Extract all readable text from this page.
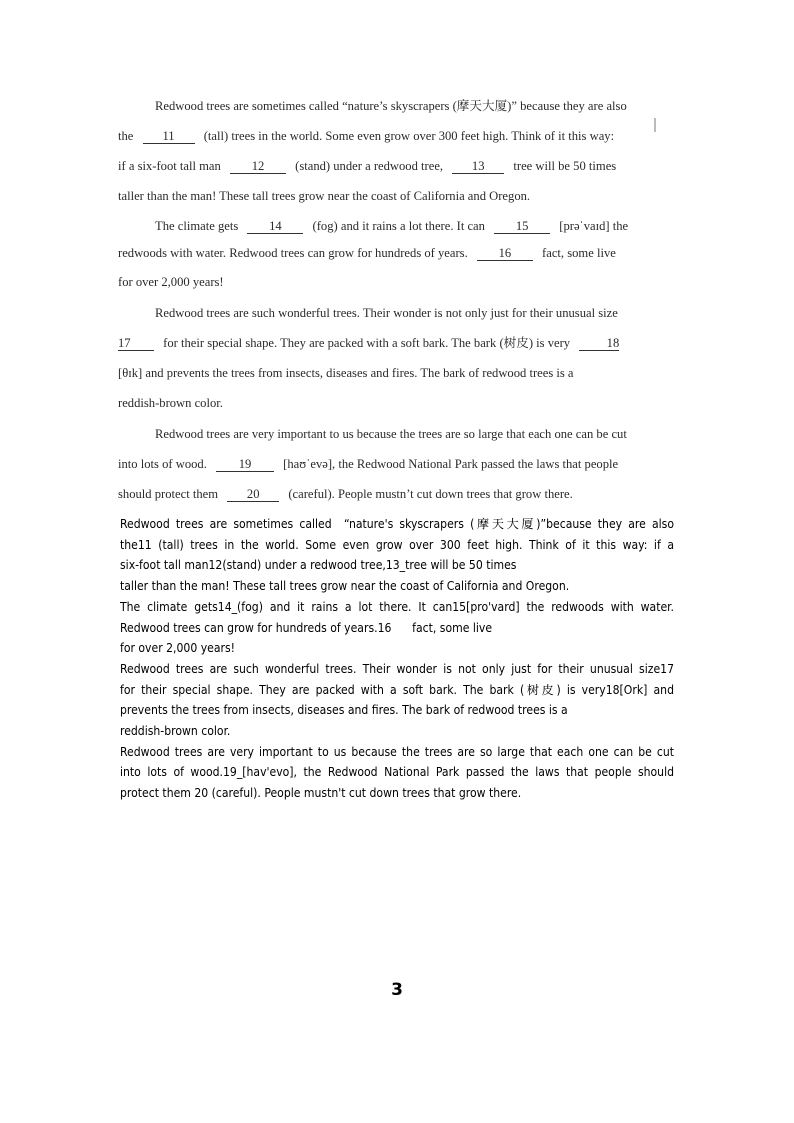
Redwood trees are sometimes called “nature’s skyscrapers (摩天大厦)” because they are also
the 11 (tall) trees in the world. Some even grow over 300 feet high. Think of it this way:
if a six-foot tall man 12 (stand) under a redwood tree, 13 tree will be 50 times
taller than the man! These tall trees grow near the coast of California and Oregon.
The climate gets 14 (fog) and it rains a lot there. It can 15 [prəˈvaɪd] the
redwoods with water. Redwood trees can grow for hundreds of years. 16 fact, some live
for over 2,000 years!
Redwood trees are such wonderful trees. Their wonder is not only just for their unusual size
17	for their special shape. They are packed with a soft bark. The bark (树皮) is very	18
[θɪk] and prevents the trees from insects, diseases and fires. The bark of redwood trees is a
reddish-brown color.
Redwood trees are very important to us because the trees are so large that each one can be cut
into lots of wood.	19	[haʊˈevə], the Redwood National Park passed the laws that people
should protect them 20 (careful). People mustn’t cut down trees that grow there.

Redwood trees are sometimes called  “nature's skyscrapers (摩天大厦)”because they are also

the11 (tall) trees in the world. Some even grow over 300 feet high. Think of it this way: if a

six-foot tall man12(stand) under a redwood tree,13_tree will be 50 times

taller than the man! These tall trees grow near the coast of California and Oregon.

The climate gets14_(fog) and it rains a lot there. It can15[pro'vard] the redwoods with water.

Redwood trees can grow for hundreds of years.16      fact, some live

for over 2,000 years!

Redwood trees are such wonderful trees. Their wonder is not only just for their unusual size17

for their special shape. They are packed with a soft bark. The bark (树皮) is very18[Ork] and

prevents the trees from insects, diseases and fires. The bark of redwood trees is a

reddish-brown color.

Redwood trees are very important to us because the trees are so large that each one can be cut

into lots of wood.19_[hav'evo], the Redwood National Park passed the laws that people should

protect them 20 (careful). People mustn't cut down trees that grow there.

3
